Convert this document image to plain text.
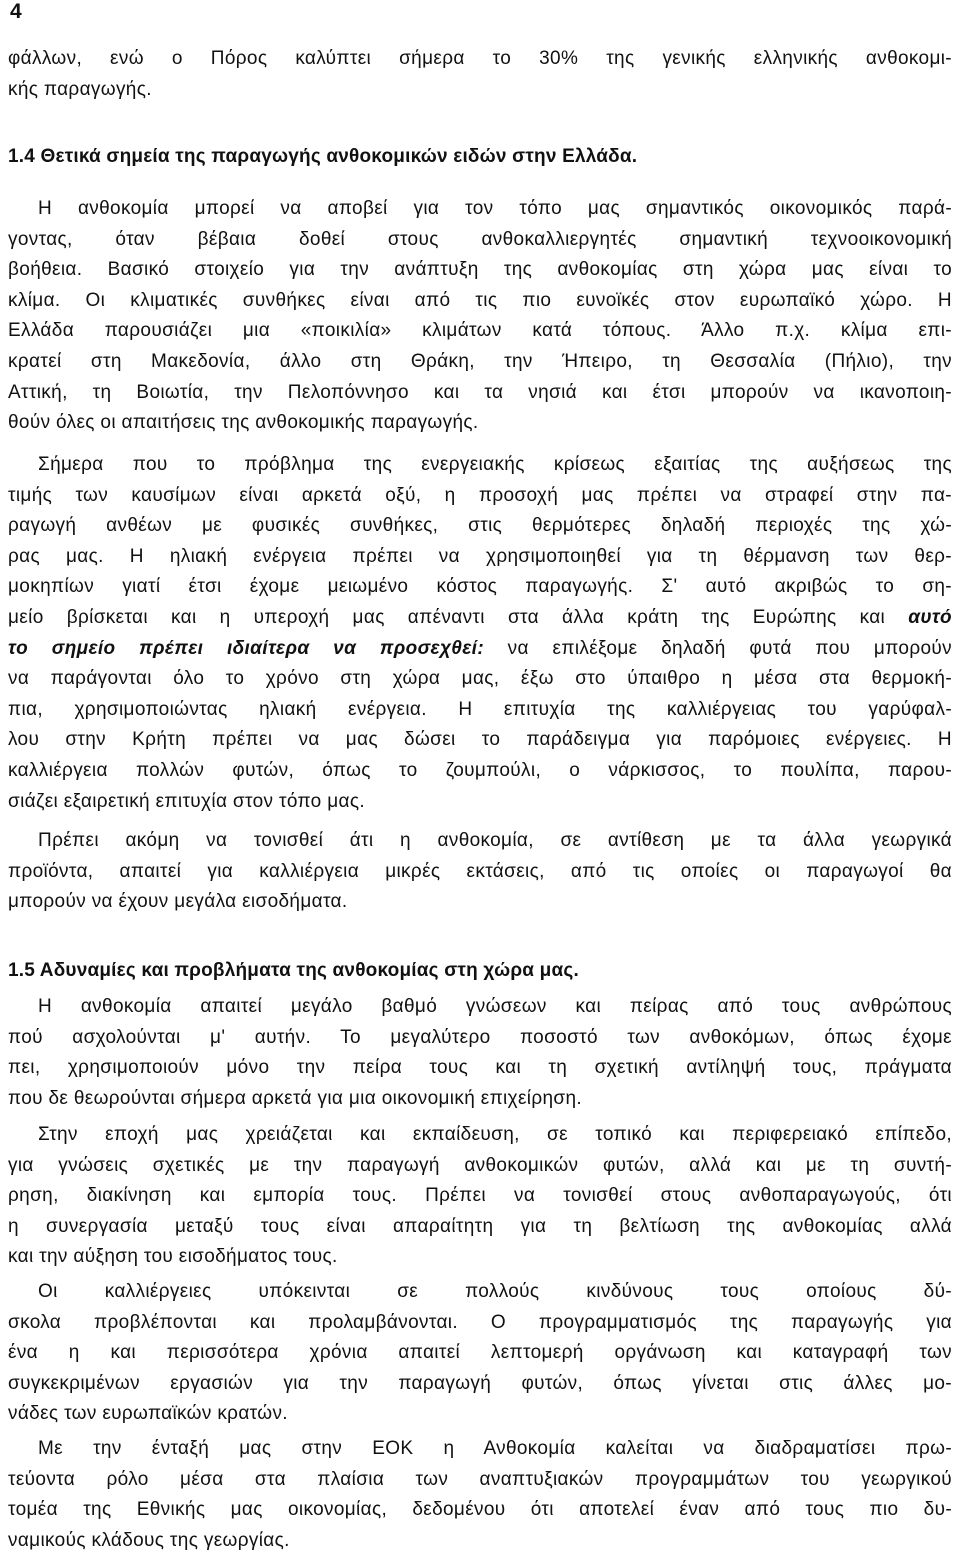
4
φάλλων, ενώ ο Πόρος καλύπτει σήμερα το 30% της γενικής ελληνικής ανθοκομι-
κής παραγωγής.
1.4 Θετικά σημεία της παραγωγής ανθοκομικών ειδών στην Ελλάδα.
Η ανθοκομία μπορεί να αποβεί για τον τόπο μας σημαντικός οικονομικός παρά-
γοντας, όταν βέβαια δοθεί στους ανθοκαλλιεργητές σημαντική τεχνοοικονομική
βοήθεια. Βασικό στοιχείο για την ανάπτυξη της ανθοκομίας στη χώρα μας είναι το
κλίμα. Οι κλιματικές συνθήκες είναι από τις πιο ευνοϊκές στον ευρωπαϊκό χώρο. Η
Ελλάδα παρουσιάζει μια «ποικιλία» κλιμάτων κατά τόπους. Άλλο π.χ. κλίμα επι-
κρατεί στη Μακεδονία, άλλο στη Θράκη, την Ήπειρο, τη Θεσσαλία (Πήλιο), την
Αττική, τη Βοιωτία, την Πελοπόννησο και τα νησιά και έτσι μπορούν να ικανοποιη-
θούν όλες οι απαιτήσεις της ανθοκομικής παραγωγής.
Σήμερα που το πρόβλημα της ενεργειακής κρίσεως εξαιτίας της αυξήσεως της
τιμής των καυσίμων είναι αρκετά οξύ, η προσοχή μας πρέπει να στραφεί στην πα-
ραγωγή ανθέων με φυσικές συνθήκες, στις θερμότερες δηλαδή περιοχές της χώ-
ρας μας. Η ηλιακή ενέργεια πρέπει να χρησιμοποιηθεί για τη θέρμανση των θερ-
μοκηπίων γιατί έτσι έχομε μειωμένο κόστος παραγωγής. Σ' αυτό ακριβώς το ση-
μείο βρίσκεται και η υπεροχή μας απέναντι στα άλλα κράτη της Ευρώπης και αυτό
το σημείο πρέπει ιδιαίτερα να προσεχθεί: να επιλέξομε δηλαδή φυτά που μπορούν
να παράγονται όλο το χρόνο στη χώρα μας, έξω στο ύπαιθρο η μέσα στα θερμοκή-
πια, χρησιμοποιώντας ηλιακή ενέργεια. Η επιτυχία της καλλιέργειας του γαρύφαλ-
λου στην Κρήτη πρέπει να μας δώσει το παράδειγμα για παρόμοιες ενέργειες. Η
καλλιέργεια πολλών φυτών, όπως το ζουμπούλι, ο νάρκισσος, το πουλίπα, παρου-
σιάζει εξαιρετική επιτυχία στον τόπο μας.
Πρέπει ακόμη να τονισθεί άτι η ανθοκομία, σε αντίθεση με τα άλλα γεωργικά
προϊόντα, απαιτεί για καλλιέργεια μικρές εκτάσεις, από τις οποίες οι παραγωγοί θα
μπορούν να έχουν μεγάλα εισοδήματα.
1.5 Αδυναμίες και προβλήματα της ανθοκομίας στη χώρα μας.
Η ανθοκομία απαιτεί μεγάλο βαθμό γνώσεων και πείρας από τους ανθρώπους
πού ασχολούνται μ' αυτήν. Το μεγαλύτερο ποσοστό των ανθοκόμων, όπως έχομε
πει, χρησιμοποιούν μόνο την πείρα τους και τη σχετική αντίληψή τους, πράγματα
που δε θεωρούνται σήμερα αρκετά για μια οικονομική επιχείρηση.
Στην εποχή μας χρειάζεται και εκπαίδευση, σε τοπικό και περιφερειακό επίπεδο,
για γνώσεις σχετικές με την παραγωγή ανθοκομικών φυτών, αλλά και με τη συντή-
ρηση, διακίνηση και εμπορία τους. Πρέπει να τονισθεί στους ανθοπαραγωγούς, ότι
η συνεργασία μεταξύ τους είναι απαραίτητη για τη βελτίωση της ανθοκομίας αλλά
και την αύξηση του εισοδήματος τους.
Οι καλλιέργειες υπόκεινται σε πολλούς κινδύνους τους οποίους δύ-
σκολα προβλέπονται και προλαμβάνονται. Ο προγραμματισμός της παραγωγής για
ένα η και περισσότερα χρόνια απαιτεί λεπτομερή οργάνωση και καταγραφή των
συγκεκριμένων εργασιών για την παραγωγή φυτών, όπως γίνεται στις άλλες μο-
νάδες των ευρωπαϊκών κρατών.
Με την ένταξή μας στην ΕΟΚ η Ανθοκομία καλείται να διαδραματίσει πρω-
τεύοντα ρόλο μέσα στα πλαίσια των αναπτυξιακών προγραμμάτων του γεωργικού
τομέα της Εθνικής μας οικονομίας, δεδομένου ότι αποτελεί έναν από τους πιο δυ-
ναμικούς κλάδους της γεωργίας.
